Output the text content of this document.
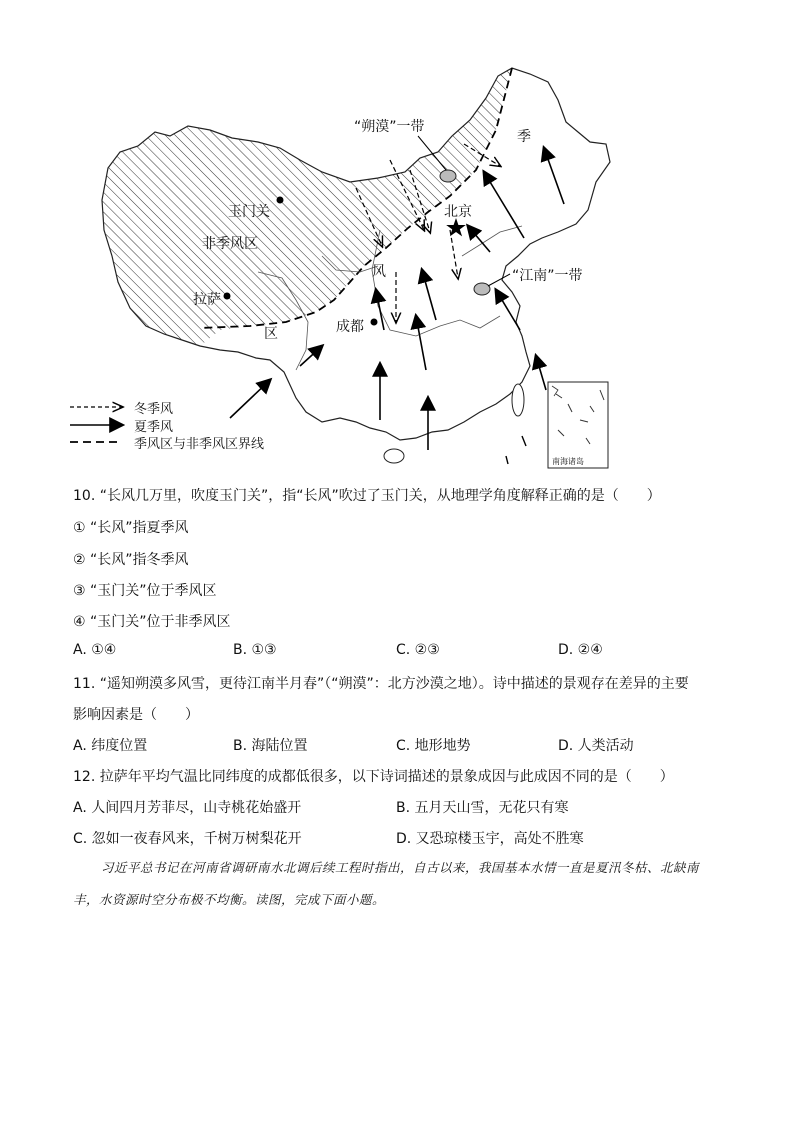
“朔漠”一带
季
玉门关	北京
非季风区
风	“江南”一带
拉萨
成都
区
冬季风
夏季风
季风区与非季风区界线
南海诸岛
10. “长风几万里，吹度玉门关”，指“长风”吹过了玉门关，从地理学角度解释正确的是（　　）
① “长风”指夏季风
② “长风”指冬季风
③ “玉门关”位于季风区
④ “玉门关”位于非季风区
A. ①④	B. ①③	C. ②③	D. ②④
11. “遥知朔漠多风雪，更待江南半月春”（“朔漠”：北方沙漠之地）。诗中描述的景观存在差异的主要
影响因素是（　　）
A. 纬度位置	B. 海陆位置	C. 地形地势	D. 人类活动
12. 拉萨年平均气温比同纬度的成都低很多，以下诗词描述的景象成因与此成因不同的是（　　）
A. 人间四月芳菲尽，山寺桃花始盛开	B. 五月天山雪，无花只有寒
C. 忽如一夜春风来，千树万树梨花开	D. 又恐琼楼玉宇，高处不胜寒
习近平总书记在河南省调研南水北调后续工程时指出，自古以来，我国基本水情一直是夏汛冬枯、北缺南丰，水资源时空分布极不均衡。读图，完成下面小题。
